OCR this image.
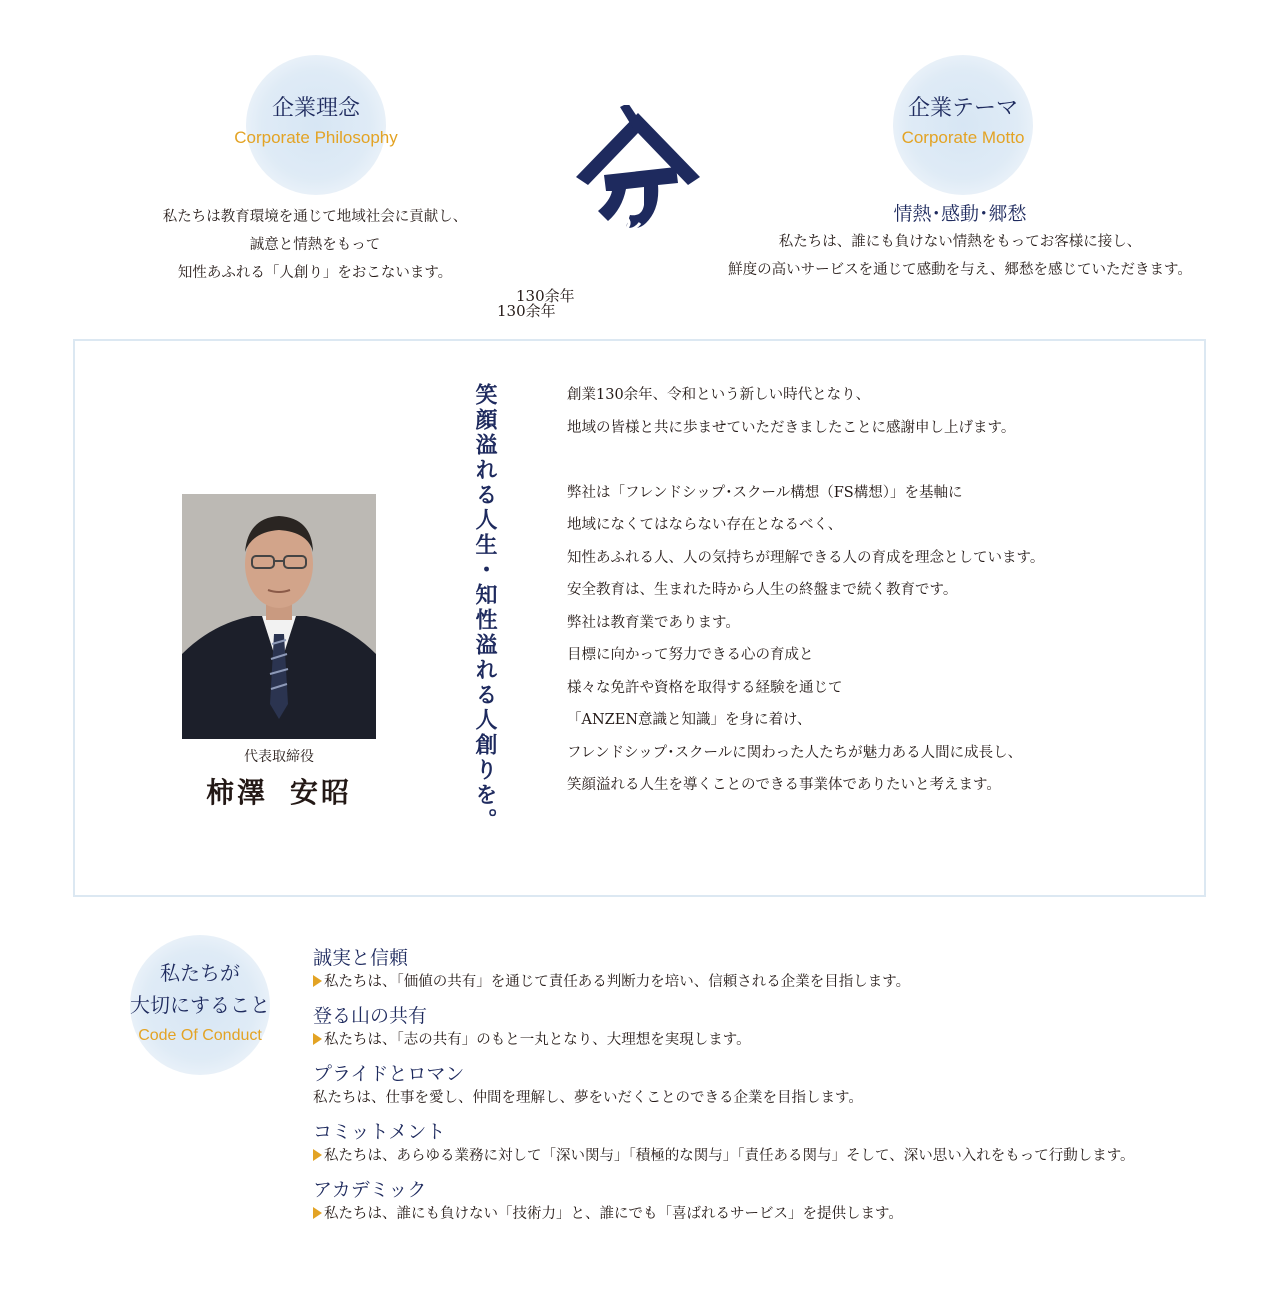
企業理念
Corporate Philosophy
私たちは教育環境を通じて地域社会に貢献し、
誠意と情熱をもって
知性あふれる「人創り」をおこないます。
企業テーマ
Corporate Motto
情熱･感動･郷愁
私たちは、誰にも負けない情熱をもってお客様に接し、
鮮度の高いサービスを通じて感動を与え、郷愁を感じていただきます。
130余年
130余年
代表取締役
柿澤 安昭	笑顔溢れる人生・知性溢れる人創りを。	創業130余年、令和という新しい時代となり、
地域の皆様と共に歩ませていただきましたことに感謝申し上げます。
弊社は「フレンドシップ･スクール構想（FS構想）」を基軸に
地域になくてはならない存在となるべく、
知性あふれる人、人の気持ちが理解できる人の育成を理念としています。
安全教育は、生まれた時から人生の終盤まで続く教育です。
弊社は教育業であります。
目標に向かって努力できる心の育成と
様々な免許や資格を取得する経験を通じて
「ANZEN意識と知識」を身に着け、
フレンドシップ･スクールに関わった人たちが魅力ある人間に成長し、
笑顔溢れる人生を導くことのできる事業体でありたいと考えます。
私たちが
大切にすること
Code Of Conduct
誠実と信頼
私たちは、「価値の共有」を通じて責任ある判断力を培い、信頼される企業を目指します。
登る山の共有
私たちは、「志の共有」のもと一丸となり、大理想を実現します。
プライドとロマン
私たちは、仕事を愛し、仲間を理解し、夢をいだくことのできる企業を目指します。
コミットメント
私たちは、あらゆる業務に対して「深い関与」「積極的な関与」「責任ある関与」そして、深い思い入れをもって行動します。
アカデミック
私たちは、誰にも負けない「技術力」と、誰にでも「喜ばれるサービス」を提供します。
